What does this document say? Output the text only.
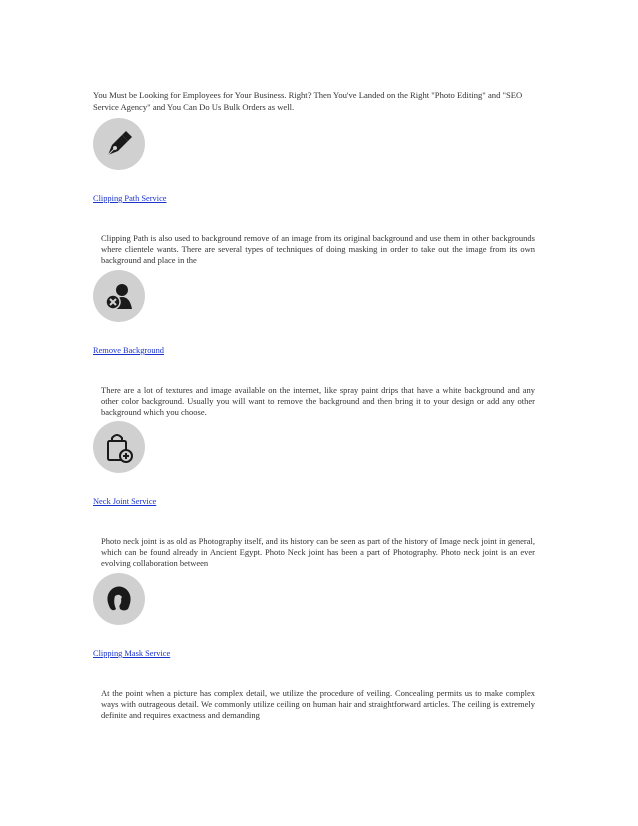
You Must be Looking for Employees for Your Business. Right? Then You've Landed on the Right "Photo Editing" and "SEO Service Agency" and You Can Do Us Bulk Orders as well.

Clipping Path Service

Clipping Path is also used to background remove of an image from its original background and use them in other backgrounds where clientele wants. There are several types of techniques of doing masking in order to take out the image from its own background and place in the

Remove Background

There are a lot of textures and image available on the internet, like spray paint drips that have a white background and any other color background. Usually you will want to remove the background and then bring it to your design or add any other background which you choose.

Neck Joint Service

Photo neck joint is as old as Photography itself, and its history can be seen as part of the history of Image neck joint in general, which can be found already in Ancient Egypt. Photo Neck joint has been a part of Photography. Photo neck joint is an ever evolving collaboration between

Clipping Mask Service

At the point when a picture has complex detail, we utilize the procedure of veiling. Concealing permits us to make complex ways with outrageous detail. We commonly utilize ceiling on human hair and straightforward articles. The ceiling is extremely definite and requires exactness and demanding
